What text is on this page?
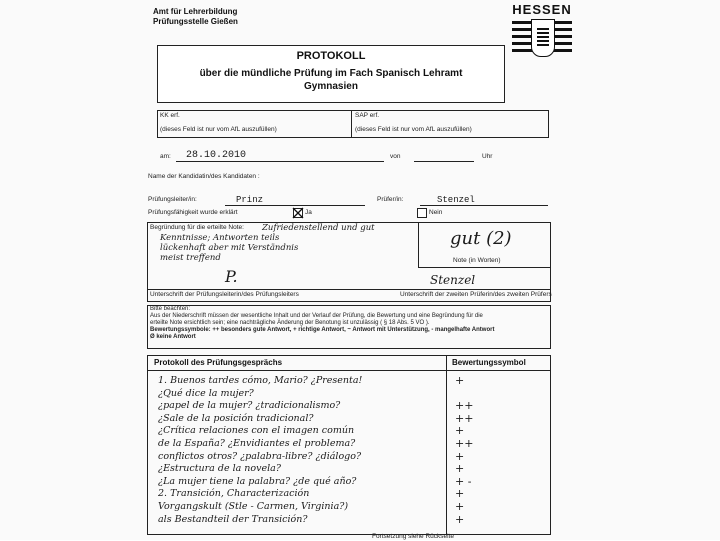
Amt für Lehrerbildung
Prüfungsstelle Gießen
HESSEN
PROTOKOLL
über die mündliche Prüfung im Fach Spanisch Lehramt
Gymnasien
KK erf.
(dieses Feld ist nur vom AfL auszufüllen)
SAP erf.
(dieses Feld ist nur vom AfL auszufüllen)
am: 28.10.2010	von	Uhr
Name der Kandidatin/des Kandidaten :
Prüfungsleiter/in:	Prinz	Prüfer/in:	Stenzel
Prüfungsfähigkeit wurde erklärt	Ja	Nein
Begründung für die erteilte Note: Zufriedenstellend und gut
Kenntnisse; Antworten teils
lückenhaft aber mit Verständnis
meist treffend
gut (2)
Note (in Worten)
P.	Stenzel
Unterschrift der Prüfungsleiterin/des Prüfungsleiters	Unterschrift der zweiten Prüferin/des zweiten Prüfers
Bitte beachten:
Aus der Niederschrift müssen der wesentliche Inhalt und der Verlauf der Prüfung, die Bewertung und eine Begründung für die
erteilte Note ersichtlich sein; eine nachträgliche Änderung der Benotung ist unzulässig ( § 18 Abs. 5 VO ).
Bewertungssymbole: ++ besonders gute Antwort, + richtige Antwort, ~ Antwort mit Unterstützung, - mangelhafte Antwort
Ø keine Antwort
Protokoll des Prüfungsgesprächs	Bewertungssymbol
1. Buenos tardes cómo, Mario? ¿Presenta!	+
¿Qué dice la mujer?
¿papel de la mujer? ¿tradicionalismo?	++
¿Sale de la posición tradicional?	++
¿Crítica relaciones con el imagen común	+
de la España? ¿Envidiantes el problema?	++
conflictos otros? ¿palabra-libre? ¿diálogo?	+
¿Estructura de la novela?	+
¿La mujer tiene la palabra? ¿de qué año?	+ -
2. Transición, Characterización	+
Vorgangskult (Stle - Carmen, Virginia?)	+
als Bestandteil der Transición?	+
Fortsetzung siehe Rückseite
